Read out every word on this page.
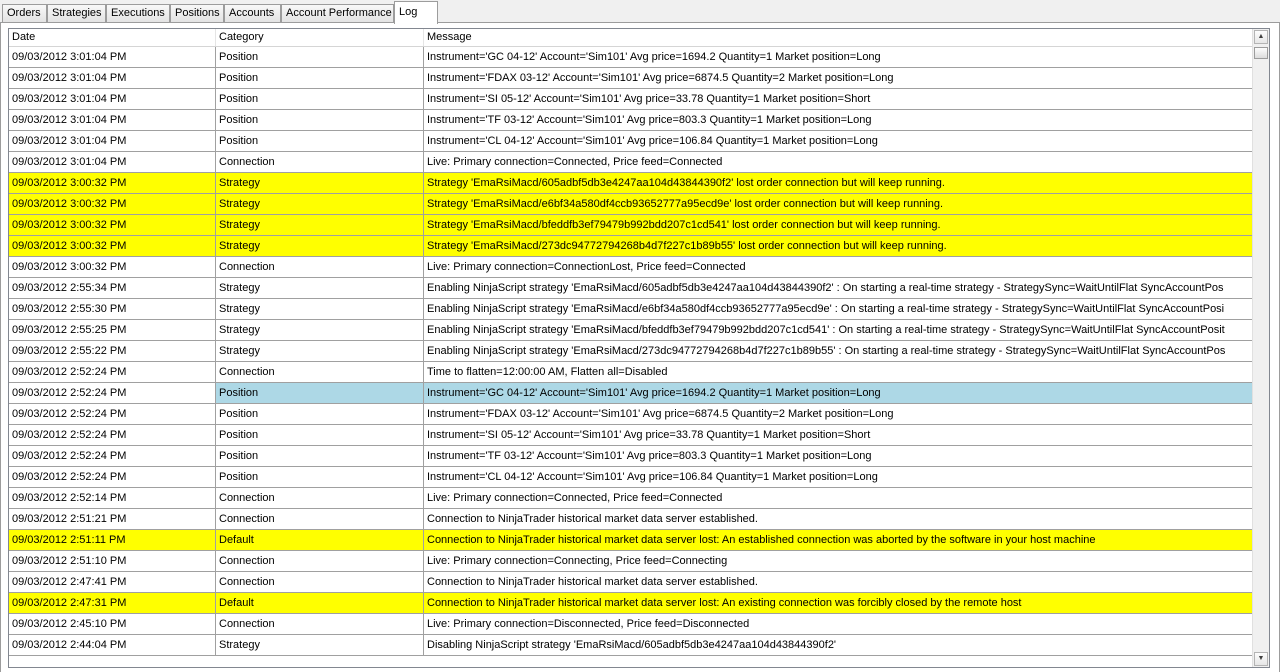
Orders	Strategies Executions Positions Accounts	Account Performance Log
Date	Category	Message
09/03/2012 3:01:04 PM	Position	Instrument='GC 04-12' Account='Sim101' Avg price=1694.2 Quantity=1 Market position=Long
09/03/2012 3:01:04 PM	Position	Instrument='FDAX 03-12' Account='Sim101' Avg price=6874.5 Quantity=2 Market position=Long
09/03/2012 3:01:04 PM	Position	Instrument='SI 05-12' Account='Sim101' Avg price=33.78 Quantity=1 Market position=Short
09/03/2012 3:01:04 PM	Position	Instrument='TF 03-12' Account='Sim101' Avg price=803.3 Quantity=1 Market position=Long
09/03/2012 3:01:04 PM	Position	Instrument='CL 04-12' Account='Sim101' Avg price=106.84 Quantity=1 Market position=Long
09/03/2012 3:01:04 PM	Connection	Live: Primary connection=Connected, Price feed=Connected
09/03/2012 3:00:32 PM	Strategy	Strategy 'EmaRsiMacd/605adbf5db3e4247aa104d43844390f2' lost order connection but will keep running.
09/03/2012 3:00:32 PM	Strategy	Strategy 'EmaRsiMacd/e6bf34a580df4ccb93652777a95ecd9e' lost order connection but will keep running.
09/03/2012 3:00:32 PM	Strategy	Strategy 'EmaRsiMacd/bfeddfb3ef79479b992bdd207c1cd541' lost order connection but will keep running.
09/03/2012 3:00:32 PM	Strategy	Strategy 'EmaRsiMacd/273dc94772794268b4d7f227c1b89b55' lost order connection but will keep running.
09/03/2012 3:00:32 PM	Connection	Live: Primary connection=ConnectionLost, Price feed=Connected
09/03/2012 2:55:34 PM	Strategy	Enabling NinjaScript strategy 'EmaRsiMacd/605adbf5db3e4247aa104d43844390f2' : On starting a real-time strategy - StrategySync=WaitUntilFlat SyncAccountPos
09/03/2012 2:55:30 PM	Strategy	Enabling NinjaScript strategy 'EmaRsiMacd/e6bf34a580df4ccb93652777a95ecd9e' : On starting a real-time strategy - StrategySync=WaitUntilFlat SyncAccountPosi
09/03/2012 2:55:25 PM	Strategy	Enabling NinjaScript strategy 'EmaRsiMacd/bfeddfb3ef79479b992bdd207c1cd541' : On starting a real-time strategy - StrategySync=WaitUntilFlat SyncAccountPosit
09/03/2012 2:55:22 PM	Strategy	Enabling NinjaScript strategy 'EmaRsiMacd/273dc94772794268b4d7f227c1b89b55' : On starting a real-time strategy - StrategySync=WaitUntilFlat SyncAccountPos
09/03/2012 2:52:24 PM	Connection	Time to flatten=12:00:00 AM, Flatten all=Disabled
09/03/2012 2:52:24 PM	Position	Instrument='GC 04-12' Account='Sim101' Avg price=1694.2 Quantity=1 Market position=Long
09/03/2012 2:52:24 PM	Position	Instrument='FDAX 03-12' Account='Sim101' Avg price=6874.5 Quantity=2 Market position=Long
09/03/2012 2:52:24 PM	Position	Instrument='SI 05-12' Account='Sim101' Avg price=33.78 Quantity=1 Market position=Short
09/03/2012 2:52:24 PM	Position	Instrument='TF 03-12' Account='Sim101' Avg price=803.3 Quantity=1 Market position=Long
09/03/2012 2:52:24 PM	Position	Instrument='CL 04-12' Account='Sim101' Avg price=106.84 Quantity=1 Market position=Long
09/03/2012 2:52:14 PM	Connection	Live: Primary connection=Connected, Price feed=Connected
09/03/2012 2:51:21 PM	Connection	Connection to NinjaTrader historical market data server established.
09/03/2012 2:51:11 PM	Default	Connection to NinjaTrader historical market data server lost: An established connection was aborted by the software in your host machine
09/03/2012 2:51:10 PM	Connection	Live: Primary connection=Connecting, Price feed=Connecting
09/03/2012 2:47:41 PM	Connection	Connection to NinjaTrader historical market data server established.
09/03/2012 2:47:31 PM	Default	Connection to NinjaTrader historical market data server lost: An existing connection was forcibly closed by the remote host
09/03/2012 2:45:10 PM	Connection	Live: Primary connection=Disconnected, Price feed=Disconnected
09/03/2012 2:44:04 PM	Strategy	Disabling NinjaScript strategy 'EmaRsiMacd/605adbf5db3e4247aa104d43844390f2'
▲
▼
